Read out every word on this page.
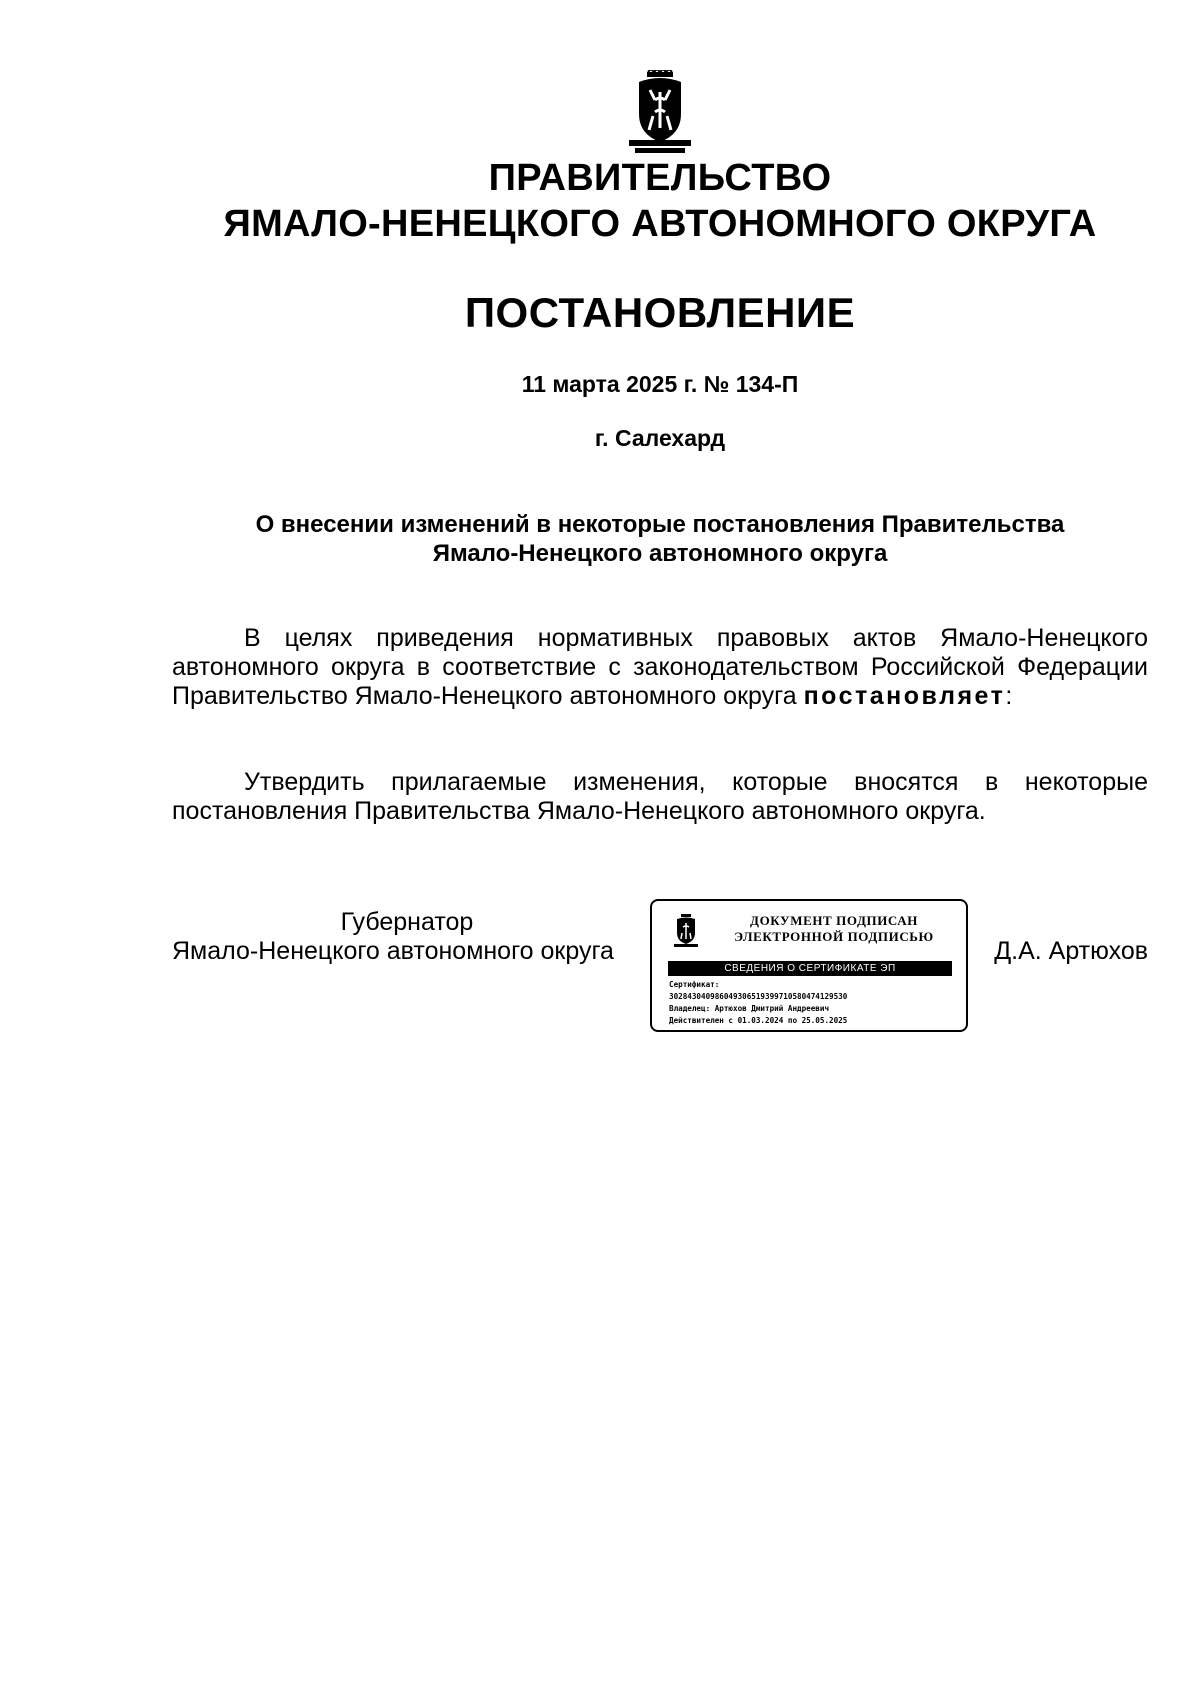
ПРАВИТЕЛЬСТВО
ЯМАЛО-НЕНЕЦКОГО АВТОНОМНОГО ОКРУГА
ПОСТАНОВЛЕНИЕ
11 марта 2025 г. № 134-П
г. Салехард
О внесении изменений в некоторые постановления Правительства
Ямало-Ненецкого автономного округа
В целях приведения нормативных правовых актов Ямало-Ненецкого автономного округа в соответствие с законодательством Российской Федерации Правительство Ямало-Ненецкого автономного округа постановляет:
Утвердить прилагаемые изменения, которые вносятся в некоторые постановления Правительства Ямало-Ненецкого автономного округа.
Губернатор
Ямало-Ненецкого автономного округа
ДОКУМЕНТ ПОДПИСАН
ЭЛЕКТРОННОЙ ПОДПИСЬЮ
СВЕДЕНИЯ О СЕРТИФИКАТЕ ЭП
Сертификат:
3028430409860493065193997105804741295З0
Владелец: Артюхов Дмитрий Андреевич
Действителен с 01.03.2024 по 25.05.2025
Д.А. Артюхов
